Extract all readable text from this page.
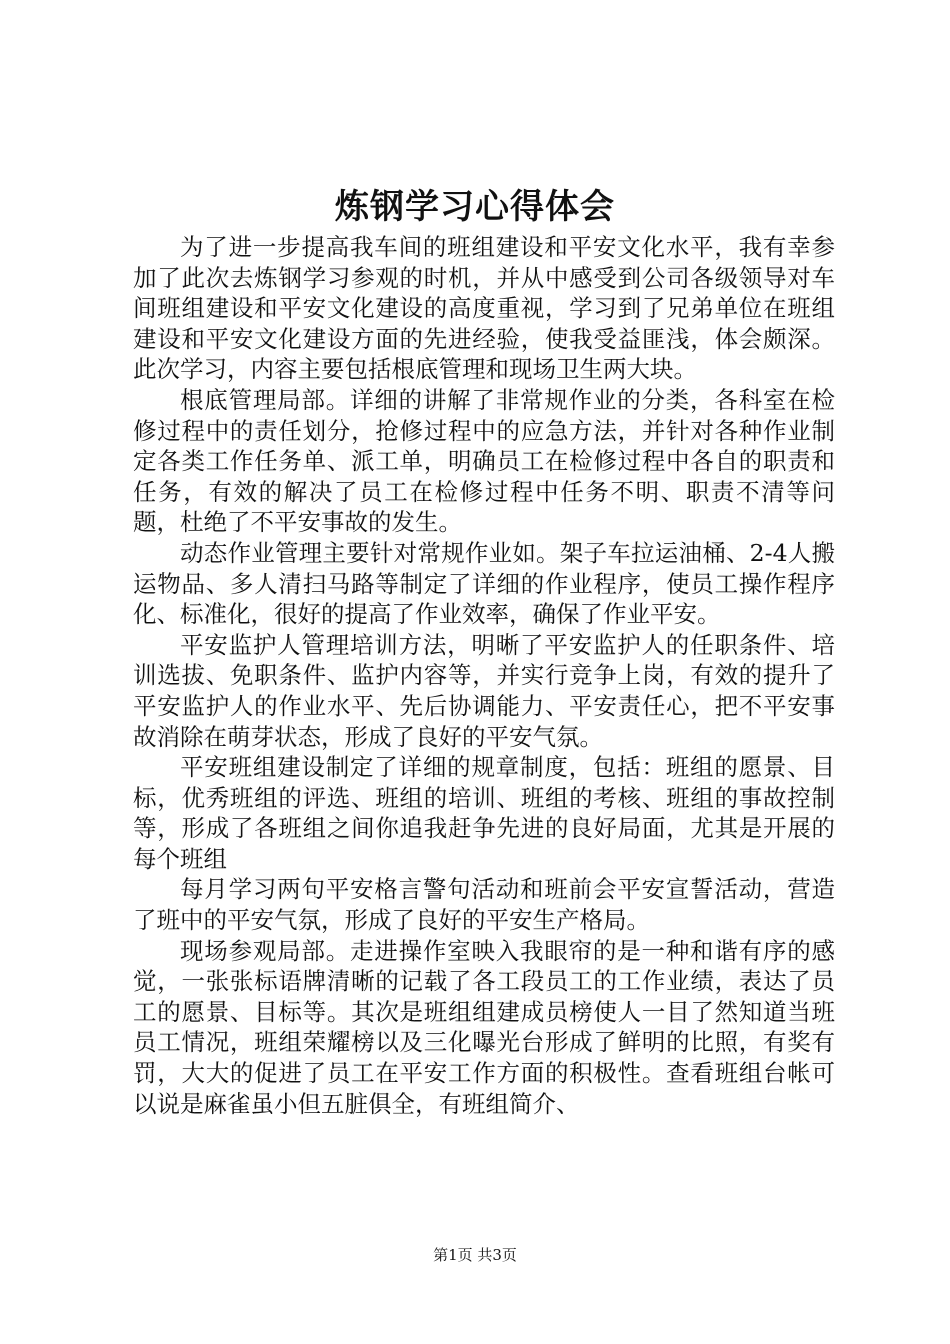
炼钢学习心得体会

为了进一步提高我车间的班组建设和平安文化水平，我有幸参加了此次去炼钢学习参观的时机，并从中感受到公司各级领导对车间班组建设和平安文化建设的高度重视，学习到了兄弟单位在班组建设和平安文化建设方面的先进经验，使我受益匪浅，体会颇深。此次学习，内容主要包括根底管理和现场卫生两大块。

根底管理局部。详细的讲解了非常规作业的分类，各科室在检修过程中的责任划分，抢修过程中的应急方法，并针对各种作业制定各类工作任务单、派工单，明确员工在检修过程中各自的职责和任务，有效的解决了员工在检修过程中任务不明、职责不清等问题，杜绝了不平安事故的发生。

动态作业管理主要针对常规作业如。架子车拉运油桶、2-4人搬运物品、多人清扫马路等制定了详细的作业程序，使员工操作程序化、标准化，很好的提高了作业效率，确保了作业平安。

平安监护人管理培训方法，明晰了平安监护人的任职条件、培训选拔、免职条件、监护内容等，并实行竞争上岗，有效的提升了平安监护人的作业水平、先后协调能力、平安责任心，把不平安事故消除在萌芽状态，形成了良好的平安气氛。

平安班组建设制定了详细的规章制度，包括：班组的愿景、目标，优秀班组的评选、班组的培训、班组的考核、班组的事故控制等，形成了各班组之间你追我赶争先进的良好局面，尤其是开展的每个班组

每月学习两句平安格言警句活动和班前会平安宣誓活动，营造了班中的平安气氛，形成了良好的平安生产格局。

现场参观局部。走进操作室映入我眼帘的是一种和谐有序的感觉，一张张标语牌清晰的记载了各工段员工的工作业绩，表达了员工的愿景、目标等。其次是班组组建成员榜使人一目了然知道当班员工情况，班组荣耀榜以及三化曝光台形成了鲜明的比照，有奖有罚，大大的促进了员工在平安工作方面的积极性。查看班组台帐可以说是麻雀虽小但五脏俱全，有班组简介、

第1页 共3页
